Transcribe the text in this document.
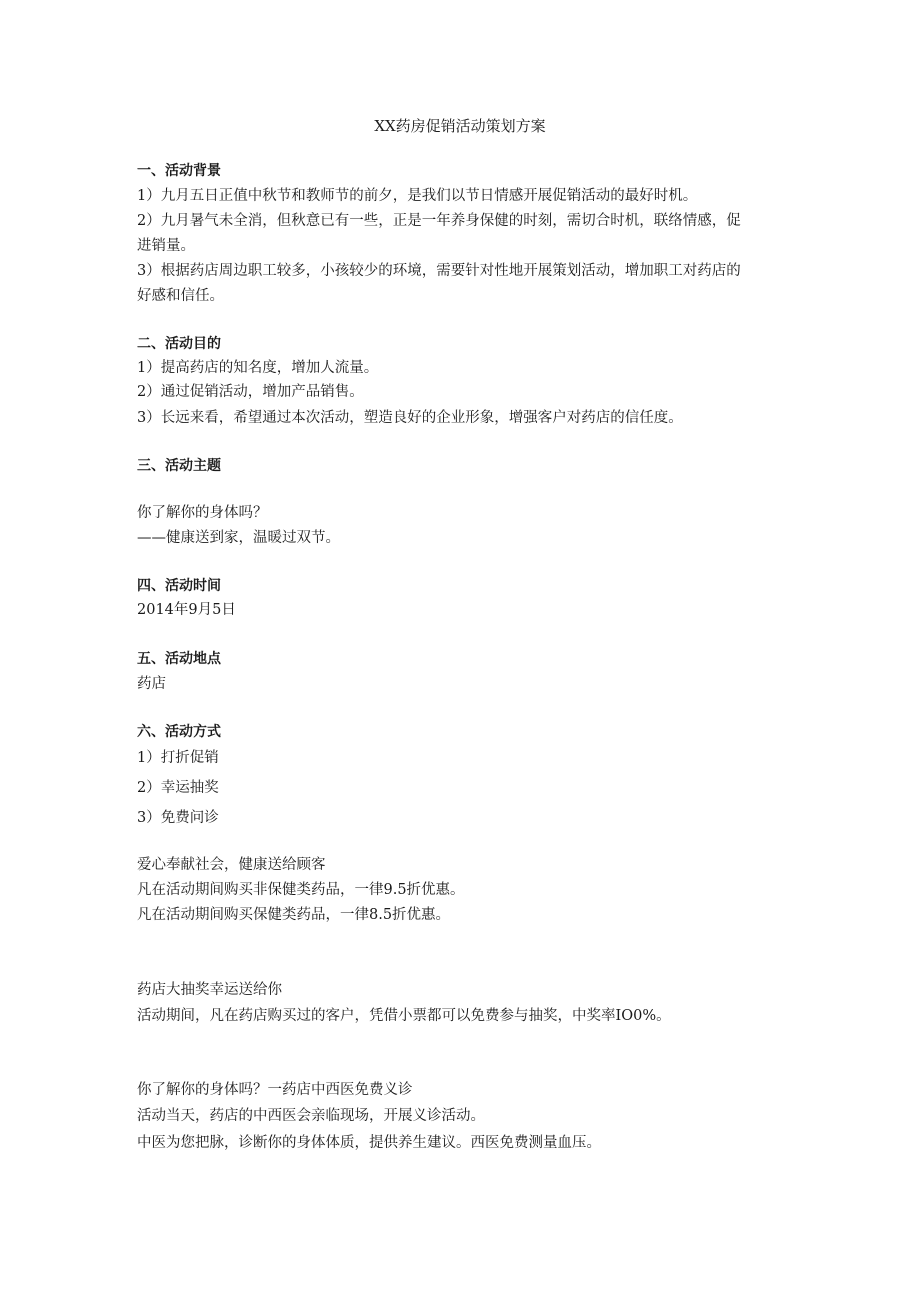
XX药房促销活动策划方案
一、活动背景
1）九月五日正值中秋节和教师节的前夕，是我们以节日情感开展促销活动的最好时机。
2）九月暑气未全消，但秋意已有一些，正是一年养身保健的时刻，需切合时机，联络情感，促
进销量。
3）根据药店周边职工较多，小孩较少的环境，需要针对性地开展策划活动，增加职工对药店的
好感和信任。
二、活动目的
1）提高药店的知名度，增加人流量。
2）通过促销活动，增加产品销售。
3）长远来看，希望通过本次活动，塑造良好的企业形象，增强客户对药店的信任度。
三、活动主题
你了解你的身体吗？
——健康送到家，温暖过双节。
四、活动时间
2014年9月5日
五、活动地点
药店
六、活动方式
1）打折促销
2）幸运抽奖
3）免费问诊
爱心奉献社会，健康送给顾客
凡在活动期间购买非保健类药品，一律9.5折优惠。
凡在活动期间购买保健类药品，一律8.5折优惠。
药店大抽奖幸运送给你
活动期间，凡在药店购买过的客户，凭借小票都可以免费参与抽奖，中奖率IO0%。
你了解你的身体吗？一药店中西医免费义诊
活动当天，药店的中西医会亲临现场，开展义诊活动。
中医为您把脉，诊断你的身体体质，提供养生建议。西医免费测量血压。
